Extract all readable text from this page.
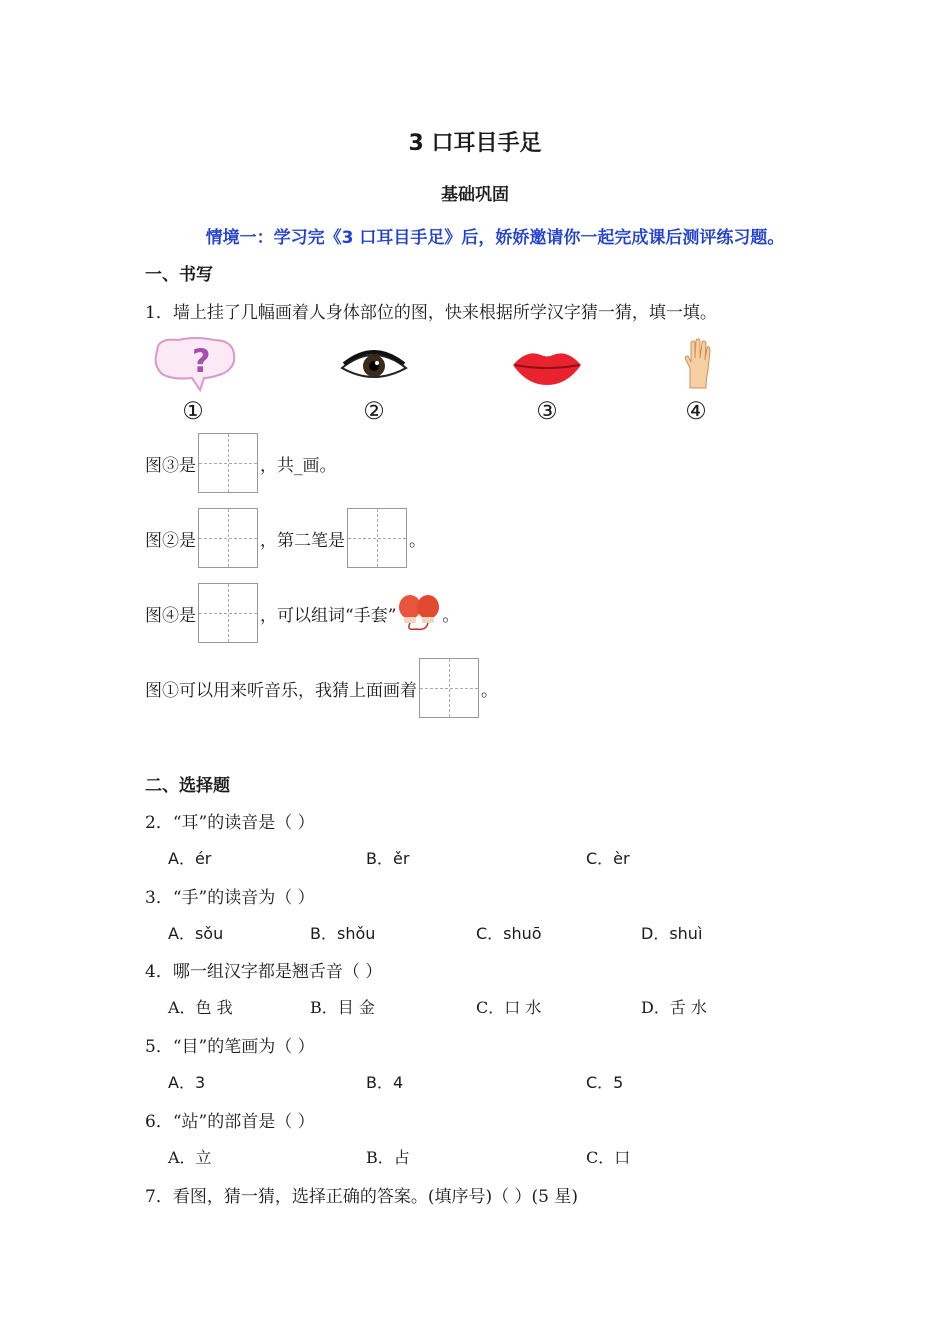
3 口耳目手足
基础巩固
情境一：学习完《3 口耳目手足》后，娇娇邀请你一起完成课后测评练习题。
一、书写
1．墙上挂了几幅画着人身体部位的图，快来根据所学汉字猜一猜，填一填。
?
①	②	③	④
图③是	，共_画。
图②是	，第二笔是	。
图④是	，可以组词“手套”	。
图①可以用来听音乐，我猜上面画着	。
二、选择题
2．“耳”的读音是（ ）
A．ér	B．ěr	C．èr
3．“手”的读音为（ ）
A．sǒu	B．shǒu	C．shuō	D．shuì
4．哪一组汉字都是翘舌音（ ）
A．色 我	B．目 金	C．口 水	D．舌 水
5．“目”的笔画为（ ）
A．3	B．4	C．5
6．“站”的部首是（ ）
A．立	B．占	C．口
7．看图，猜一猜，选择正确的答案。(填序号)（ ）(5 星)
